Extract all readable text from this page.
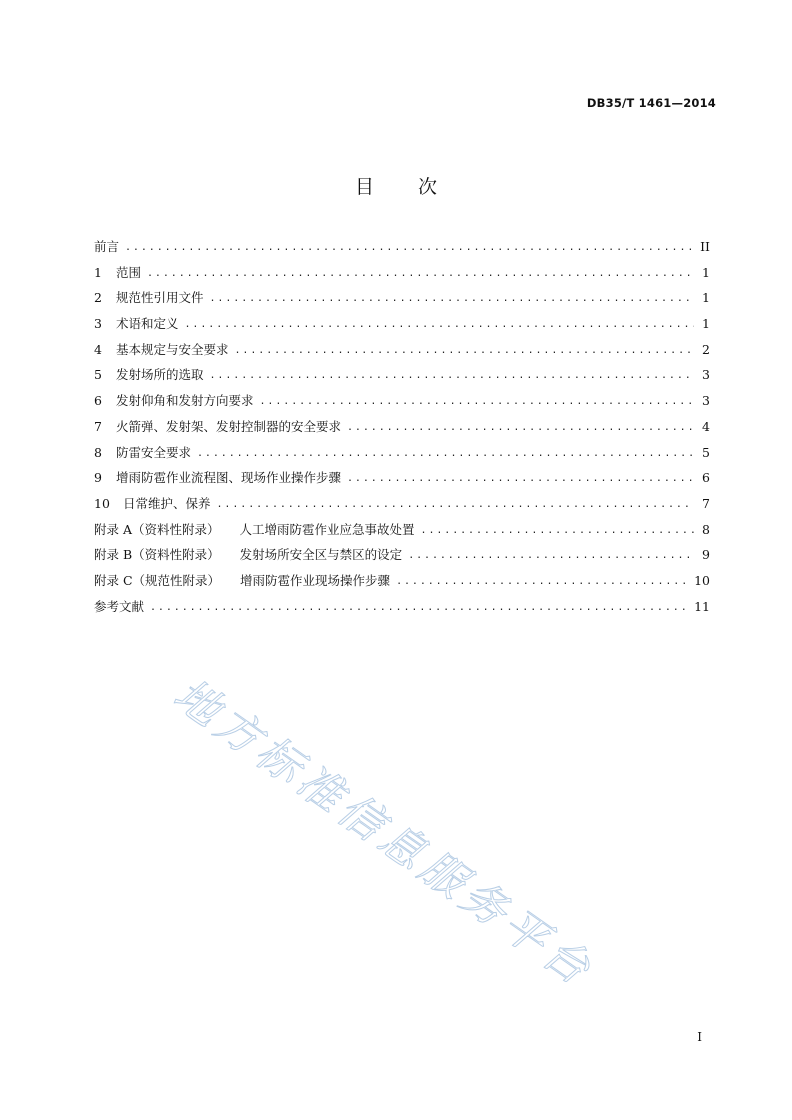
DB35/T 1461—2014
目 次
前言 .....	II
1	范围 .....	1
2	规范性引用文件 .....	1
3	术语和定义 .....	1
4	基本规定与安全要求 .....	2
5	发射场所的选取 .....	3
6	发射仰角和发射方向要求 .....	3
7	火箭弹、发射架、发射控制器的安全要求 .....	4
8	防雷安全要求 .....	5
9	增雨防雹作业流程图、现场作业操作步骤 .....	6
10	日常维护、保养 .....	7
附录 A（资料性附录） 人工增雨防雹作业应急事故处置 .....	8
附录 B（资料性附录） 发射场所安全区与禁区的设定 .....	9
附录 C（规范性附录） 增雨防雹作业现场操作步骤 .....	10
参考文献 .....	11
地方标准信息服务平台
I
